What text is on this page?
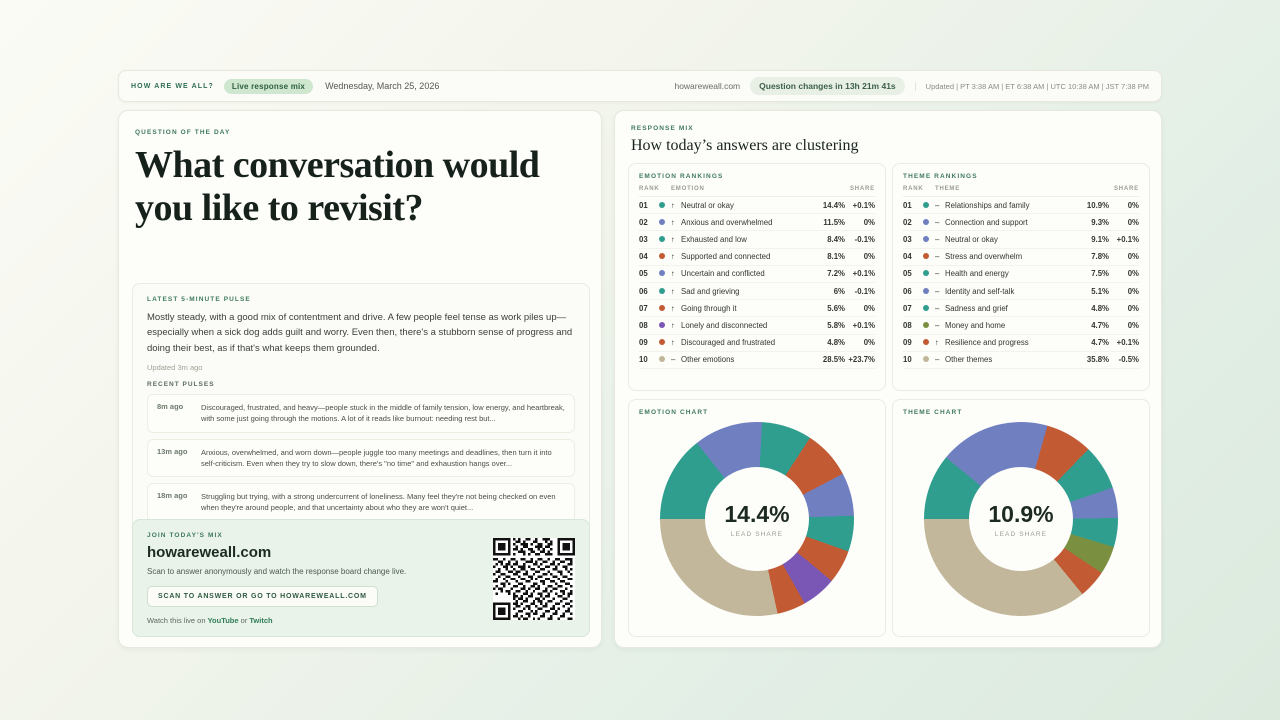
HOW ARE WE ALL?	Live response mix	Wednesday, March 25, 2026	howareweall.com	Question changes in 13h 21m 41s	Updated | PT 3:38 AM | ET 6:38 AM | UTC 10:38 AM | JST 7:38 PM
QUESTION OF THE DAY
What conversation would you like to revisit?
LATEST 5-MINUTE PULSE
Mostly steady, with a good mix of contentment and drive. A few people feel tense as work piles up—especially when a sick dog adds guilt and worry. Even then, there's a stubborn sense of progress and doing their best, as if that's what keeps them grounded.
Updated 3m ago
RECENT PULSES
8m ago	Discouraged, frustrated, and heavy—people stuck in the middle of family tension, low energy, and heartbreak, with some just going through the motions. A lot of it reads like burnout: needing rest but...
13m ago	Anxious, overwhelmed, and worn down—people juggle too many meetings and deadlines, then turn it into self-criticism. Even when they try to slow down, there's "no time" and exhaustion hangs over...
18m ago	Struggling but trying, with a strong undercurrent of loneliness. Many feel they're not being checked on even when they're around people, and that uncertainty about who they are won't quiet...
JOIN TODAY'S MIX
howareweall.com
Scan to answer anonymously and watch the response board change live.
SCAN TO ANSWER OR GO TO HOWAREWEALL.COM
Watch this live on YouTube or Twitch
RESPONSE MIX
How today’s answers are clustering
EMOTION RANKINGS
RANK		EMOTION		SHARE	
01		↑	Neutral or okay	14.4%	+0.1%
02		↑	Anxious and overwhelmed	11.5%	0%
03		↑	Exhausted and low	8.4%	-0.1%
04		↑	Supported and connected	8.1%	0%
05		↑	Uncertain and conflicted	7.2%	+0.1%
06		↑	Sad and grieving	6%	-0.1%
07		↑	Going through it	5.6%	0%
08		↑	Lonely and disconnected	5.8%	+0.1%
09		↑	Discouraged and frustrated	4.8%	0%
10		–	Other emotions	28.5%	+23.7%
THEME RANKINGS
RANK		THEME		SHARE	
01		–	Relationships and family	10.9%	0%
02		–	Connection and support	9.3%	0%
03		–	Neutral or okay	9.1%	+0.1%
04		–	Stress and overwhelm	7.8%	0%
05		–	Health and energy	7.5%	0%
06		–	Identity and self-talk	5.1%	0%
07		–	Sadness and grief	4.8%	0%
08		–	Money and home	4.7%	0%
09		↑	Resilience and progress	4.7%	+0.1%
10		–	Other themes	35.8%	-0.5%
EMOTION CHART
14.4%
LEAD SHARE
THEME CHART
10.9%
LEAD SHARE
